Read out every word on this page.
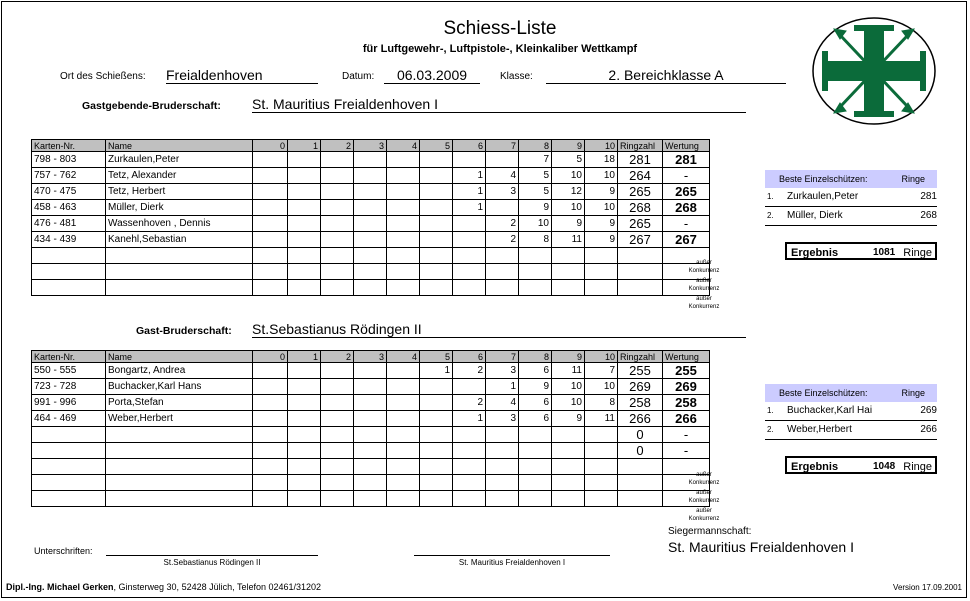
Schiess-Liste
für Luftgewehr-, Luftpistole-, Kleinkaliber Wettkampf
Ort des Schießens: Freialdenhoven	Datum:	06.03.2009	Klasse:	2. Bereichklasse A
Gastgebende-Bruderschaft: St. Mauritius Freialdenhoven I
Karten-Nr.	Name	0	1	2	3	4	5	6	7	8	9	10	Ringzahl	Wertung
798 - 803	Zurkaulen,Peter									7	5	18	281	281
757 - 762	Tetz, Alexander							1	4	5	10	10	264	-
470 - 475	Tetz, Herbert							1	3	5	12	9	265	265
458 - 463	Müller, Dierk							1		9	10	10	268	268
476 - 481	Wassenhoven , Dennis								2	10	9	9	265	-
434 - 439	Kanehl,Sebastian								2	8	11	9	267	267

außer
Konkurrenz
außer
Konkurrenz
außer
Konkurrenz
Gast-Bruderschaft: St.Sebastianus Rödingen II
Karten-Nr.	Name	0	1	2	3	4	5	6	7	8	9	10	Ringzahl	Wertung
550 - 555	Bongartz, Andrea						1	2	3	6	11	7	255	255
723 - 728	Buchacker,Karl Hans								1	9	10	10	269	269
991 - 996	Porta,Stefan							2	4	6	10	8	258	258
464 - 469	Weber,Herbert							1	3	6	9	11	266	266
													0	-
													0	-

außer
Konkurrenz
außer
Konkurrenz
außer
Konkurrenz
Beste Einzelschützen:	Ringe
1. Zurkaulen,Peter	281
2. Müller, Dierk	268
Ergebnis	1081 Ringe
Beste Einzelschützen:	Ringe
1. Buchacker,Karl Hai	269
2. Weber,Herbert	266
Ergebnis	1048 Ringe
Siegermannschaft:
St. Mauritius Freialdenhoven I
Unterschriften:
St.Sebastianus Rödingen II	St. Mauritius Freialdenhoven I
Dipl.-Ing. Michael Gerken, Ginsterweg 30, 52428 Jülich, Telefon 02461/31202	Version 17.09.2001
